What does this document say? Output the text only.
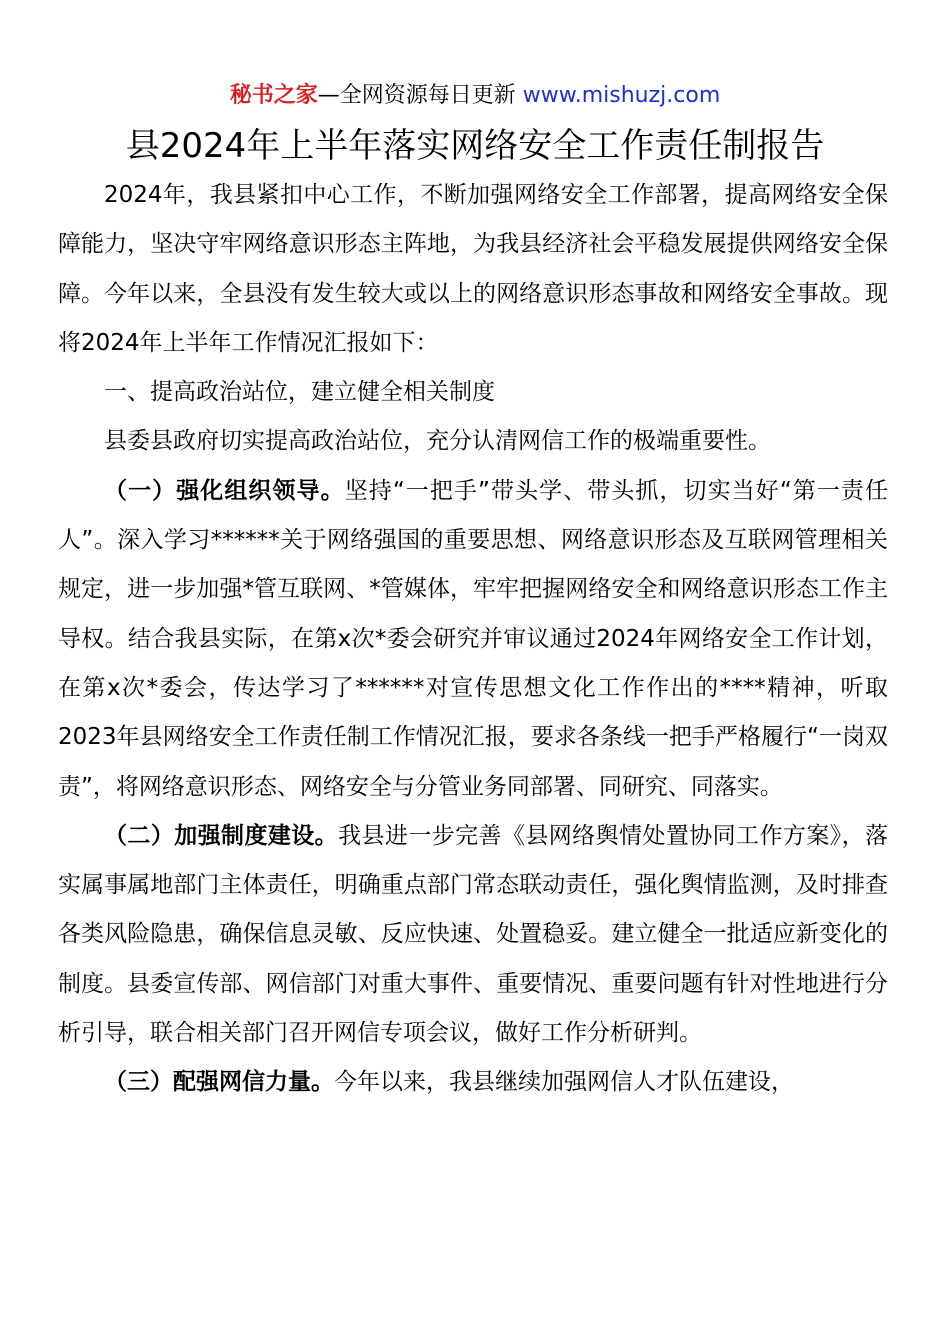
秘书之家—全网资源每日更新 www.mishuzj.com
县2024年上半年落实网络安全工作责任制报告

2024年，我县紧扣中心工作，不断加强网络安全工作部署，提高网络安全保障能力，坚决守牢网络意识形态主阵地，为我县经济社会平稳发展提供网络安全保障。今年以来，全县没有发生较大或以上的网络意识形态事故和网络安全事故。现将2024年上半年工作情况汇报如下：

一、提高政治站位，建立健全相关制度

县委县政府切实提高政治站位，充分认清网信工作的极端重要性。

（一）强化组织领导。坚持“一把手”带头学、带头抓，切实当好“第一责任人”。深入学习******关于网络强国的重要思想、网络意识形态及互联网管理相关规定，进一步加强*管互联网、*管媒体，牢牢把握网络安全和网络意识形态工作主导权。结合我县实际，在第x次*委会研究并审议通过2024年网络安全工作计划，在第x次*委会，传达学习了******对宣传思想文化工作作出的****精神，听取2023年县网络安全工作责任制工作情况汇报，要求各条线一把手严格履行“一岗双责”，将网络意识形态、网络安全与分管业务同部署、同研究、同落实。

（二）加强制度建设。我县进一步完善《县网络舆情处置协同工作方案》，落实属事属地部门主体责任，明确重点部门常态联动责任，强化舆情监测，及时排查各类风险隐患，确保信息灵敏、反应快速、处置稳妥。建立健全一批适应新变化的制度。县委宣传部、网信部门对重大事件、重要情况、重要问题有针对性地进行分析引导，联合相关部门召开网信专项会议，做好工作分析研判。

（三）配强网信力量。今年以来，我县继续加强网信人才队伍建设，
